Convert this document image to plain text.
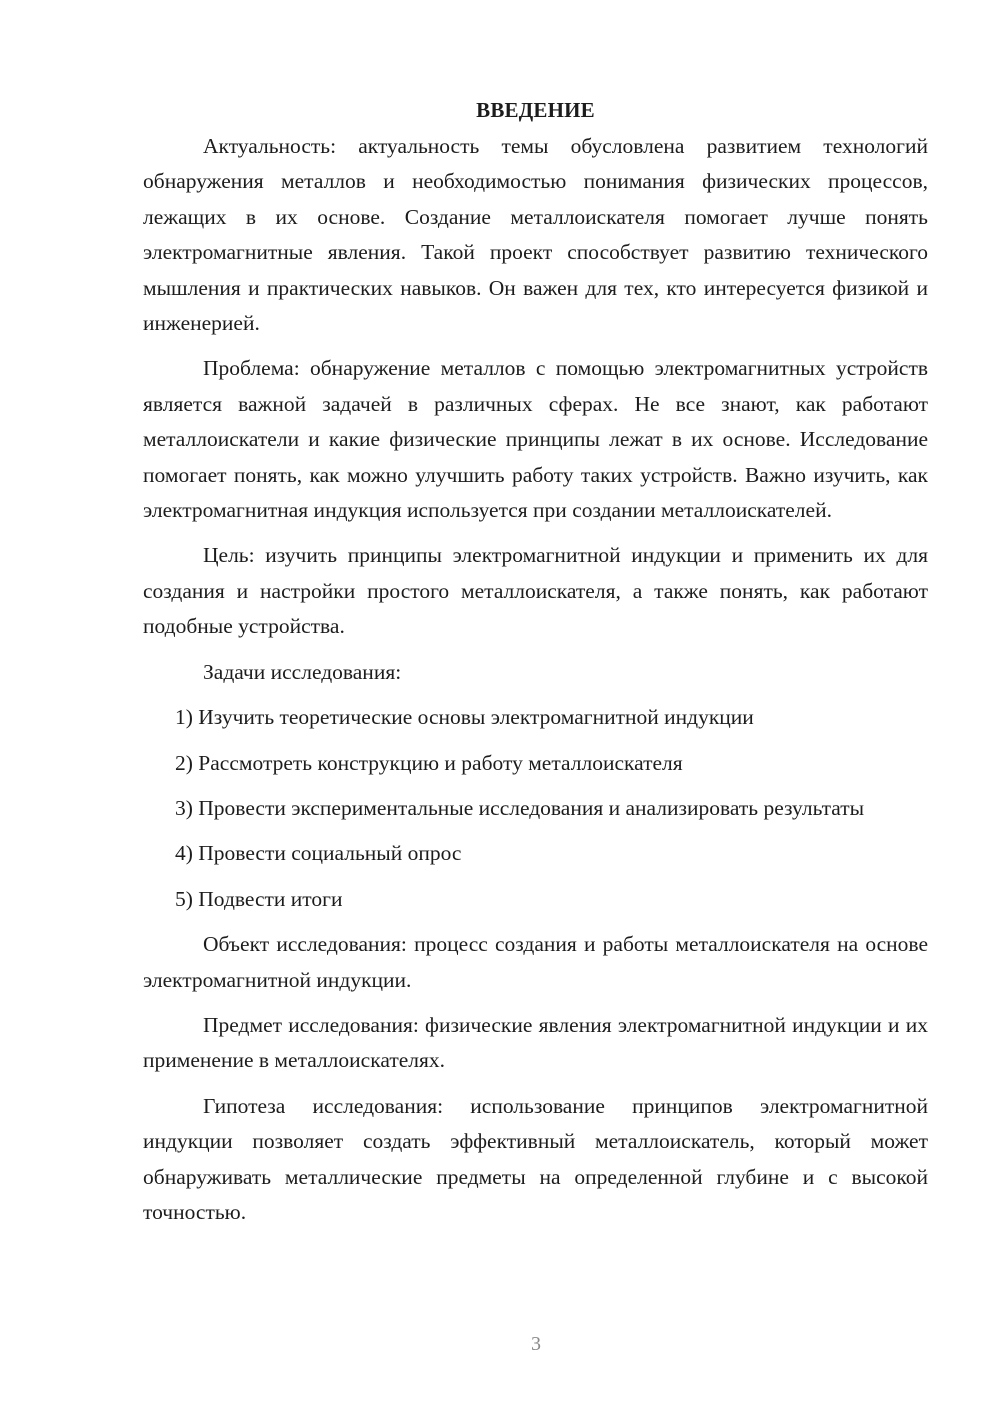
ВВЕДЕНИЕ

Актуальность: актуальность темы обусловлена развитием технологий обнаружения металлов и необходимостью понимания физических процессов, лежащих в их основе. Создание металлоискателя помогает лучше понять электромагнитные явления. Такой проект способствует развитию технического мышления и практических навыков. Он важен для тех, кто интересуется физикой и инженерией.

Проблема: обнаружение металлов с помощью электромагнитных устройств является важной задачей в различных сферах. Не все знают, как работают металлоискатели и какие физические принципы лежат в их основе. Исследование помогает понять, как можно улучшить работу таких устройств. Важно изучить, как электромагнитная индукция используется при создании металлоискателей.

Цель: изучить принципы электромагнитной индукции и применить их для создания и настройки простого металлоискателя, а также понять, как работают подобные устройства.

Задачи исследования:

1) Изучить теоретические основы электромагнитной индукции

2) Рассмотреть конструкцию и работу металлоискателя

3) Провести экспериментальные исследования и анализировать результаты

4) Провести социальный опрос

5) Подвести итоги

Объект исследования: процесс создания и работы металлоискателя на основе электромагнитной индукции.

Предмет исследования: физические явления электромагнитной индукции и их применение в металлоискателях.

Гипотеза исследования: использование принципов электромагнитной индукции позволяет создать эффективный металлоискатель, который может обнаруживать металлические предметы на определенной глубине и с высокой точностью.

3
